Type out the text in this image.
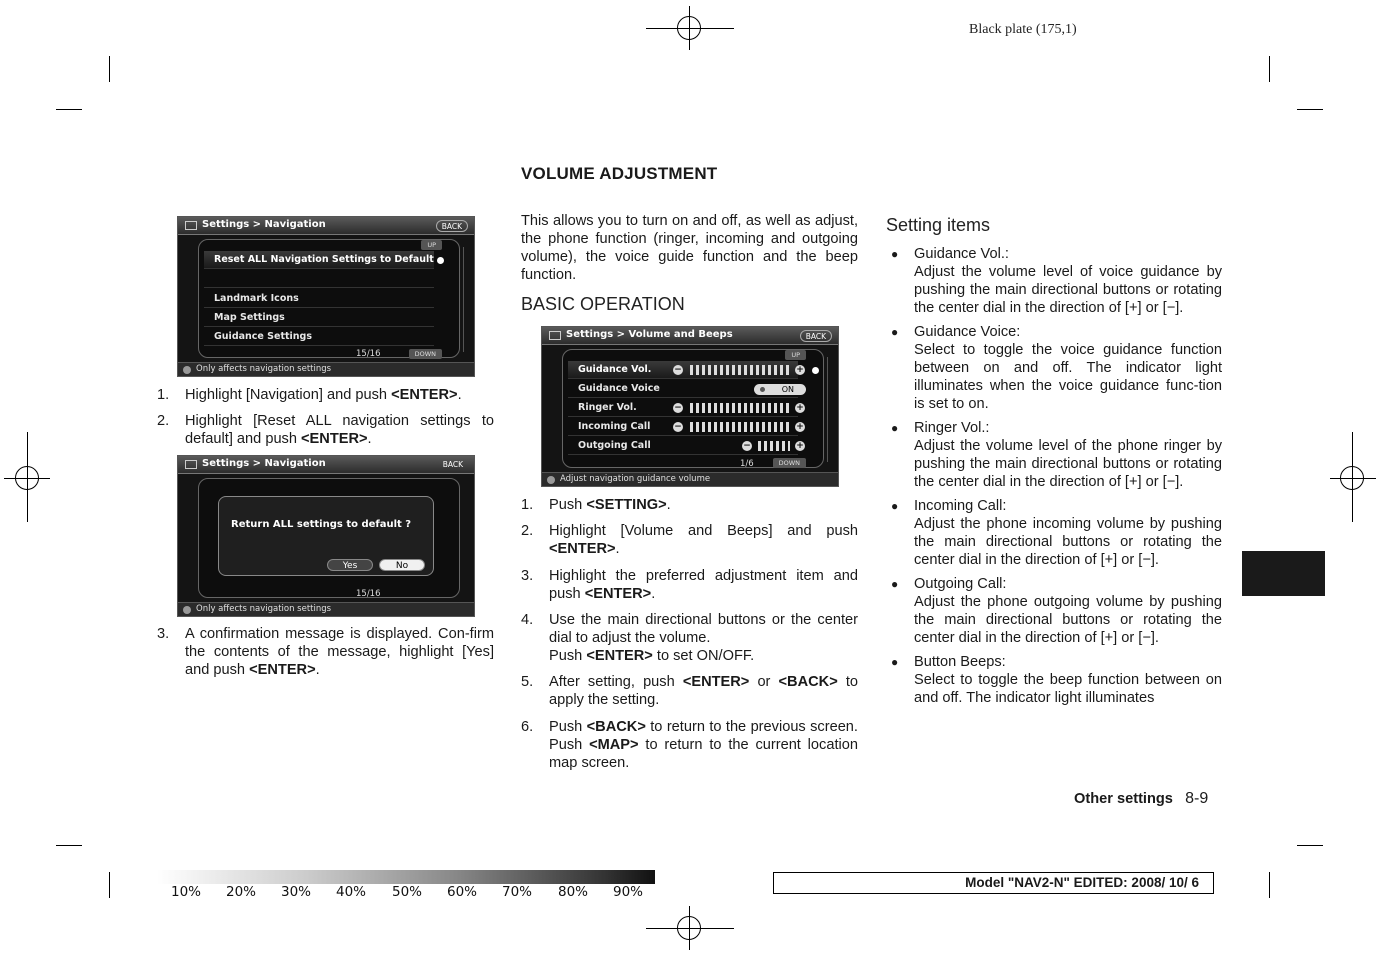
Black plate (175,1)
VOLUME ADJUSTMENT
This allows you to turn on and off, as well as adjust, the phone function (ringer, incoming and outgoing volume), the voice guide function and the beep function.
BASIC OPERATION
Setting items
Settings > Navigation	BACK
UP
Reset ALL Navigation Settings to Default
Landmark Icons
Map Settings
Guidance Settings
15/16	DOWN
Only affects navigation settings
1. Highlight [Navigation] and push <ENTER>.
2. Highlight [Reset ALL navigation settings to default] and push <ENTER>.
Settings > Navigation	BACK
Return ALL settings to default ?
Yes	No
15/16
Only affects navigation settings
3. A confirmation message is displayed. Con-firm the contents of the message, highlight [Yes] and push <ENTER>.
Settings > Volume and Beeps	BACK
UP
Guidance Vol.	−	+
Guidance Voice	ON
Ringer Vol.	−	+
Incoming Call	−	+
Outgoing Call	−	+
1/6	DOWN
Adjust navigation guidance volume
1. Push <SETTING>.
2. Highlight [Volume and Beeps] and push <ENTER>.
3. Highlight the preferred adjustment item and push <ENTER>.
4. Use the main directional buttons or the center dial to adjust the volume.
Push <ENTER> to set ON/OFF.
5. After setting, push <ENTER> or <BACK> to apply the setting.
6. Push <BACK> to return to the previous screen. Push <MAP> to return to the current location map screen.
● Guidance Vol.:
Adjust the volume level of voice guidance by pushing the main directional buttons or rotating the center dial in the direction of [+] or [−].
● Guidance Voice:
Select to toggle the voice guidance function between on and off. The indicator light illuminates when the voice guidance func-tion is set to on.
● Ringer Vol.:
Adjust the volume level of the phone ringer by pushing the main directional buttons or rotating the center dial in the direction of [+] or [−].
● Incoming Call:
Adjust the phone incoming volume by pushing the main directional buttons or rotating the center dial in the direction of [+] or [−].
● Outgoing Call:
Adjust the phone outgoing volume by pushing the main directional buttons or rotating the center dial in the direction of [+] or [−].
● Button Beeps:
Select to toggle the beep function between on and off. The indicator light illuminates
Other settings 8-9
10% 20% 30% 40% 50% 60% 70% 80% 90%
Model "NAV2-N" EDITED: 2008/ 10/ 6
